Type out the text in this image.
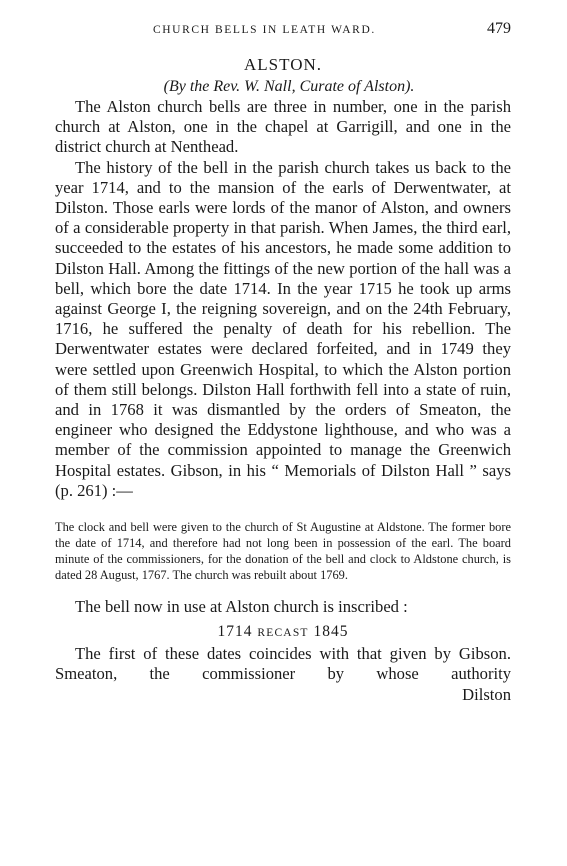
CHURCH BELLS IN LEATH WARD.	479
ALSTON.
(By the Rev. W. Nall, Curate of Alston).

The Alston church bells are three in number, one in the parish church at Alston, one in the chapel at Garrigill, and one in the district church at Nenthead.

The history of the bell in the parish church takes us back to the year 1714, and to the mansion of the earls of Derwentwater, at Dilston. Those earls were lords of the manor of Alston, and owners of a considerable property in that parish. When James, the third earl, succeeded to the estates of his ancestors, he made some addition to Dilston Hall. Among the fittings of the new portion of the hall was a bell, which bore the date 1714. In the year 1715 he took up arms against George I, the reigning sovereign, and on the 24th February, 1716, he suffered the penalty of death for his rebellion. The Derwentwater estates were declared forfeited, and in 1749 they were settled upon Greenwich Hospital, to which the Alston portion of them still belongs. Dilston Hall forthwith fell into a state of ruin, and in 1768 it was dismantled by the orders of Smeaton, the engineer who designed the Eddystone lighthouse, and who was a member of the commission appointed to manage the Greenwich Hospital estates. Gibson, in his “ Memorials of Dilston Hall ” says (p. 261) :—

The clock and bell were given to the church of St Augustine at Aldstone. The former bore the date of 1714, and therefore had not long been in possession of the earl. The board minute of the commissioners, for the donation of the bell and clock to Aldstone church, is dated 28 August, 1767. The church was rebuilt about 1769.

The bell now in use at Alston church is inscribed :

1714 RECAST 1845

The first of these dates coincides with that given by Gibson. Smeaton, the commissioner by whose authority

Dilston
